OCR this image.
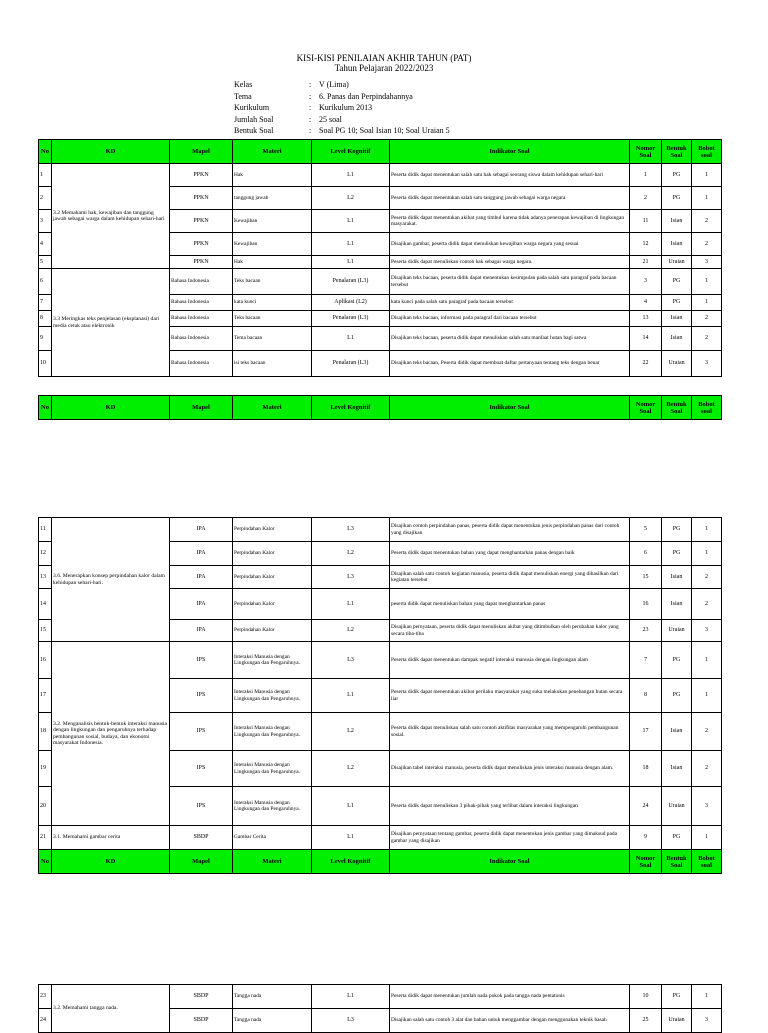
KISI-KISI PENILAIAN AKHIR TAHUN (PAT)
Tahun Pelajaran 2022/2023
Kelas	: V (Lima)
Tema	: 6. Panas dan Perpindahannya
Kurikulum	: Kurikulum 2013
Jumlah Soal	: 25 soal
Bentuk Soal	: Soal PG 10; Soal Isian 10; Soal Uraian 5
No	KD	Mapel	Materi	Level Kognitif	Indikator Soal	Nomor Soal	Bentuk Soal	Bobot soal
1	3.2 Memahami hak, kewajiban dan tanggung jawab sebagai warga dalam kehidupan sehari-hari	PPKN	Hak	L1	Peserta didik dapat menentukan salah satu hak sebagai seorang siswa dalam kehidupan sehari-hari	1	PG	1
2		PPKN	tanggung jawab	L2	Peserta didik dapat menentukan salah satu tanggung jawab sebagai warga negara	2	PG	1
3		PPKN	Kewajiban	L1	Peserta didik dapat menentukan akibat yang timbul karena tidak adanya penerapan kewajiban di lingkungan masyarakat.	11	Isian	2
4		PPKN	Kewajiban	L1	Disajikan gambar, peserta didik dapat menuliskan kewajiban warga negara yang sesuai	12	Isian	2
5		PPKN	Hak	L1	Peserta didik dapat menuliskan contoh hak sebagai warga negara.	21	Uraian	3
6	3.3 Meringkas teks penjelasan (eksplanasi) dari media cetak atau elektronik	Bahasa Indonesia	Teks bacaan	Penalaran (L3)	Disajikan teks bacaan, peserta didik dapat menentukan kesimpulan pada salah satu paragraf pada bacaan tersebut	3	PG	1
7		Bahasa Indonesia	kata kunci	Aplikasi (L2)	kata kunci pada salah satu paragraf pada bacaan tersebut	4	PG	1
8		Bahasa Indonesia	Teks bacaan	Penalaran (L3)	Disajikan teks bacaan, informasi pada paragraf dari bacaan tersebut	13	Isian	2
9		Bahasa Indonesia	Tema bacaan	L1	Disajikan teks bacaan, peserta didik dapat menuliskan salah satu manfaat hutan bagi satwa	14	Isian	2
10		Bahasa Indonesia	isi teks bacaan	Penalaran (L3)	Disajikan teks bacaan, Peserta didik dapat membuat daftar pertanyaan tentang teks dengan benar	22	Uraian	3
No	KD	Mapel	Materi	Level Kognitif	Indikator Soal	Nomor Soal	Bentuk Soal	Bobot soal
11	3.6. Menerapkan konsep perpindahan kalor dalam kehidupan sehari-hari.	IPA	Perpindahan Kalor	L3	Disajikan contoh perpindahan panas, peserta didik dapat menentukan jenis perpindahan panas dari contoh yang disajikan	5	PG	1
12		IPA	Perpindahan Kalor	L2	Peserta didik dapat menentukan bahan yang dapat menghantarkan panas dengan baik	6	PG	1
13		IPA	Perpindahan Kalor	L3	Disajikan salah satu contoh kegiatan manusia, peserta didik dapat menuliskan energi yang dihasilkan dari kegiatan tersebut	15	Isian	2
14		IPA	Perpindahan Kalor	L1	peserta didik dapat menuliskan bahan yang dapat menghantarkan panas	16	Isian	2
15		IPA	Perpindahan Kalor	L2	Disajikan pernyataan, peserta didik dapat menuliskan akibat yang ditimbulkan oleh perubahan kalor yang secara tiba-tiba	23	Uraian	3
16	3.2. Menganalisis bentuk-bentuk interaksi manusia dengan lingkungan dan pengaruhnya terhadap pembangunan sosial, budaya, dan ekonomi masyarakat Indonesia.	IPS	Interaksi Manusia dengan Lingkungan dan Pengaruhnya.	L3	Peserta didik dapat menentukan dampak negatif interaksi manusia dengan lingkungan alam	7	PG	1
17		IPS	Interaksi Manusia dengan Lingkungan dan Pengaruhnya.	L1	Peserta didik dapat menentukan akibat perilaku masyarakat yang suka melakukan penebangan hutan secara liar	8	PG	1
18		IPS	Interaksi Manusia dengan Lingkungan dan Pengaruhnya.	L2	Peserta didik dapat menuliskan salah satu contoh aktifitas masyarakat yang mempengaruhi pembangunan sosial.	17	Isian	2
19		IPS	Interaksi Manusia dengan Lingkungan dan Pengaruhnya.	L2	Disajikan tabel interaksi manusia, peserta didik dapat menuliskan jenis interaksi manusia dengan alam.	18	Isian	2
20		IPS	Interaksi Manusia dengan Lingkungan dan Pengaruhnya.	L1	Peserta didik dapat menuliskan 3 pihak-pihak yang terlibat dalam interaksi lingkungan	24	Uraian	3
21	3.1. Memahami gambar cerita	SBDP	Gambar Cerita	L1	Disajikan pernyataan tentang gambar, peserta didik dapat menentukan jenis gambar yang dimaksud pada gambar yang disajikan	9	PG	1
No	KD	Mapel	Materi	Level Kognitif	Indikator Soal	Nomor Soal	Bentuk Soal	Bobot soal
23	3.2. Memahami tangga nada.	SBDP	Tangga nada	L1	Peserta didik dapat menentukan jumlah nada pokok pada tangga nada pentatonis	10	PG	1
24		SBDP	Tangga nada	L3	Disajikan salah satu contoh 3 alat dan bahan untuk menggambar dengan menggunakan teknik basah	25	Uraian	3
